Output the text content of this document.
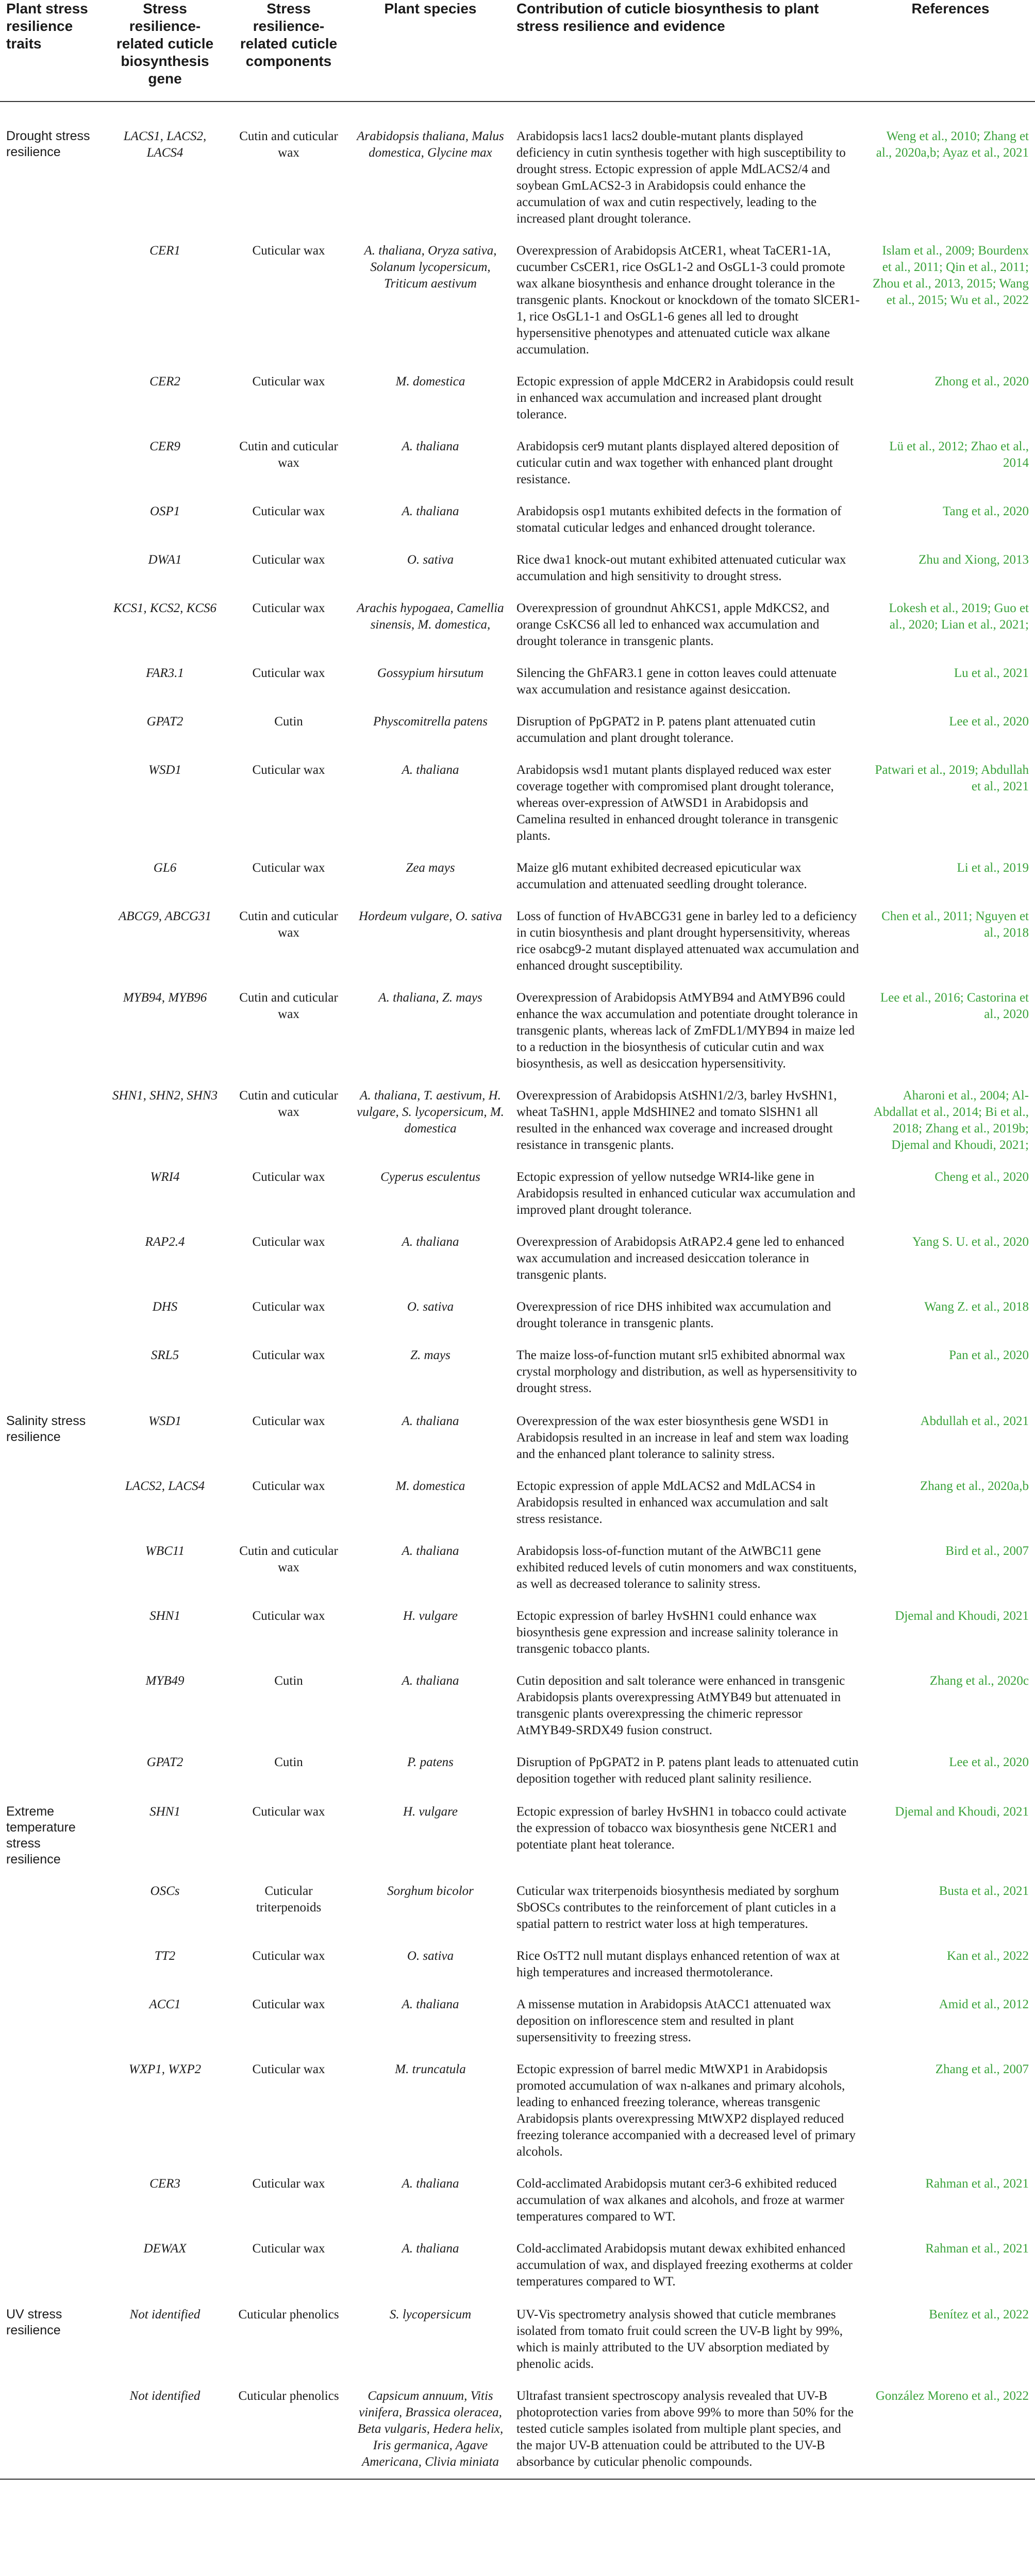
Plant stress resilience traits	Stress resilience-related cuticle biosynthesis gene	Stress resilience-related cuticle components	Plant species	Contribution of cuticle biosynthesis to plant stress resilience and evidence	References

Drought stress resilience	LACS1, LACS2, LACS4	Cutin and cuticular wax	Arabidopsis thaliana, Malus domestica, Glycine max	Arabidopsis lacs1 lacs2 double-mutant plants displayed deficiency in cutin synthesis together with high susceptibility to drought stress. Ectopic expression of apple MdLACS2/4 and soybean GmLACS2-3 in Arabidopsis could enhance the accumulation of wax and cutin respectively, leading to the increased plant drought tolerance.	Weng et al., 2010; Zhang et al., 2020a,b; Ayaz et al., 2021
	CER1	Cuticular wax	A. thaliana, Oryza sativa, Solanum lycopersicum, Triticum aestivum	Overexpression of Arabidopsis AtCER1, wheat TaCER1-1A, cucumber CsCER1, rice OsGL1-2 and OsGL1-3 could promote wax alkane biosynthesis and enhance drought tolerance in the transgenic plants. Knockout or knockdown of the tomato SlCER1-1, rice OsGL1-1 and OsGL1-6 genes all led to drought hypersensitive phenotypes and attenuated cuticle wax alkane accumulation.	Islam et al., 2009; Bourdenx et al., 2011; Qin et al., 2011; Zhou et al., 2013, 2015; Wang et al., 2015; Wu et al., 2022
	CER2	Cuticular wax	M. domestica	Ectopic expression of apple MdCER2 in Arabidopsis could result in enhanced wax accumulation and increased plant drought tolerance.	Zhong et al., 2020
	CER9	Cutin and cuticular wax	A. thaliana	Arabidopsis cer9 mutant plants displayed altered deposition of cuticular cutin and wax together with enhanced plant drought resistance.	Lü et al., 2012; Zhao et al., 2014
	OSP1	Cuticular wax	A. thaliana	Arabidopsis osp1 mutants exhibited defects in the formation of stomatal cuticular ledges and enhanced drought tolerance.	Tang et al., 2020
	DWA1	Cuticular wax	O. sativa	Rice dwa1 knock-out mutant exhibited attenuated cuticular wax accumulation and high sensitivity to drought stress.	Zhu and Xiong, 2013
	KCS1, KCS2, KCS6	Cuticular wax	Arachis hypogaea, Camellia sinensis, M. domestica,	Overexpression of groundnut AhKCS1, apple MdKCS2, and orange CsKCS6 all led to enhanced wax accumulation and drought tolerance in transgenic plants.	Lokesh et al., 2019; Guo et al., 2020; Lian et al., 2021;
	FAR3.1	Cuticular wax	Gossypium hirsutum	Silencing the GhFAR3.1 gene in cotton leaves could attenuate wax accumulation and resistance against desiccation.	Lu et al., 2021
	GPAT2	Cutin	Physcomitrella patens	Disruption of PpGPAT2 in P. patens plant attenuated cutin accumulation and plant drought tolerance.	Lee et al., 2020
	WSD1	Cuticular wax	A. thaliana	Arabidopsis wsd1 mutant plants displayed reduced wax ester coverage together with compromised plant drought tolerance, whereas over-expression of AtWSD1 in Arabidopsis and Camelina resulted in enhanced drought tolerance in transgenic plants.	Patwari et al., 2019; Abdullah et al., 2021
	GL6	Cuticular wax	Zea mays	Maize gl6 mutant exhibited decreased epicuticular wax accumulation and attenuated seedling drought tolerance.	Li et al., 2019
	ABCG9, ABCG31	Cutin and cuticular wax	Hordeum vulgare, O. sativa	Loss of function of HvABCG31 gene in barley led to a deficiency in cutin biosynthesis and plant drought hypersensitivity, whereas rice osabcg9-2 mutant displayed attenuated wax accumulation and enhanced drought susceptibility.	Chen et al., 2011; Nguyen et al., 2018
	MYB94, MYB96	Cutin and cuticular wax	A. thaliana, Z. mays	Overexpression of Arabidopsis AtMYB94 and AtMYB96 could enhance the wax accumulation and potentiate drought tolerance in transgenic plants, whereas lack of ZmFDL1/MYB94 in maize led to a reduction in the biosynthesis of cuticular cutin and wax biosynthesis, as well as desiccation hypersensitivity.	Lee et al., 2016; Castorina et al., 2020
	SHN1, SHN2, SHN3	Cutin and cuticular wax	A. thaliana, T. aestivum, H. vulgare, S. lycopersicum, M. domestica	Overexpression of Arabidopsis AtSHN1/2/3, barley HvSHN1, wheat TaSHN1, apple MdSHINE2 and tomato SlSHN1 all resulted in the enhanced wax coverage and increased drought resistance in transgenic plants.	Aharoni et al., 2004; Al-Abdallat et al., 2014; Bi et al., 2018; Zhang et al., 2019b; Djemal and Khoudi, 2021;
	WRI4	Cuticular wax	Cyperus esculentus	Ectopic expression of yellow nutsedge WRI4-like gene in Arabidopsis resulted in enhanced cuticular wax accumulation and improved plant drought tolerance.	Cheng et al., 2020
	RAP2.4	Cuticular wax	A. thaliana	Overexpression of Arabidopsis AtRAP2.4 gene led to enhanced wax accumulation and increased desiccation tolerance in transgenic plants.	Yang S. U. et al., 2020
	DHS	Cuticular wax	O. sativa	Overexpression of rice DHS inhibited wax accumulation and drought tolerance in transgenic plants.	Wang Z. et al., 2018
	SRL5	Cuticular wax	Z. mays	The maize loss-of-function mutant srl5 exhibited abnormal wax crystal morphology and distribution, as well as hypersensitivity to drought stress.	Pan et al., 2020
Salinity stress resilience	WSD1	Cuticular wax	A. thaliana	Overexpression of the wax ester biosynthesis gene WSD1 in Arabidopsis resulted in an increase in leaf and stem wax loading and the enhanced plant tolerance to salinity stress.	Abdullah et al., 2021
	LACS2, LACS4	Cuticular wax	M. domestica	Ectopic expression of apple MdLACS2 and MdLACS4 in Arabidopsis resulted in enhanced wax accumulation and salt stress resistance.	Zhang et al., 2020a,b
	WBC11	Cutin and cuticular wax	A. thaliana	Arabidopsis loss-of-function mutant of the AtWBC11 gene exhibited reduced levels of cutin monomers and wax constituents, as well as decreased tolerance to salinity stress.	Bird et al., 2007
	SHN1	Cuticular wax	H. vulgare	Ectopic expression of barley HvSHN1 could enhance wax biosynthesis gene expression and increase salinity tolerance in transgenic tobacco plants.	Djemal and Khoudi, 2021
	MYB49	Cutin	A. thaliana	Cutin deposition and salt tolerance were enhanced in transgenic Arabidopsis plants overexpressing AtMYB49 but attenuated in transgenic plants overexpressing the chimeric repressor AtMYB49-SRDX49 fusion construct.	Zhang et al., 2020c
	GPAT2	Cutin	P. patens	Disruption of PpGPAT2 in P. patens plant leads to attenuated cutin deposition together with reduced plant salinity resilience.	Lee et al., 2020
Extreme temperature stress resilience	SHN1	Cuticular wax	H. vulgare	Ectopic expression of barley HvSHN1 in tobacco could activate the expression of tobacco wax biosynthesis gene NtCER1 and potentiate plant heat tolerance.	Djemal and Khoudi, 2021
	OSCs	Cuticular triterpenoids	Sorghum bicolor	Cuticular wax triterpenoids biosynthesis mediated by sorghum SbOSCs contributes to the reinforcement of plant cuticles in a spatial pattern to restrict water loss at high temperatures.	Busta et al., 2021
	TT2	Cuticular wax	O. sativa	Rice OsTT2 null mutant displays enhanced retention of wax at high temperatures and increased thermotolerance.	Kan et al., 2022
	ACC1	Cuticular wax	A. thaliana	A missense mutation in Arabidopsis AtACC1 attenuated wax deposition on inflorescence stem and resulted in plant supersensitivity to freezing stress.	Amid et al., 2012
	WXP1, WXP2	Cuticular wax	M. truncatula	Ectopic expression of barrel medic MtWXP1 in Arabidopsis promoted accumulation of wax n-alkanes and primary alcohols, leading to enhanced freezing tolerance, whereas transgenic Arabidopsis plants overexpressing MtWXP2 displayed reduced freezing tolerance accompanied with a decreased level of primary alcohols.	Zhang et al., 2007
	CER3	Cuticular wax	A. thaliana	Cold-acclimated Arabidopsis mutant cer3-6 exhibited reduced accumulation of wax alkanes and alcohols, and froze at warmer temperatures compared to WT.	Rahman et al., 2021
	DEWAX	Cuticular wax	A. thaliana	Cold-acclimated Arabidopsis mutant dewax exhibited enhanced accumulation of wax, and displayed freezing exotherms at colder temperatures compared to WT.	Rahman et al., 2021
UV stress resilience	Not identified	Cuticular phenolics	S. lycopersicum	UV-Vis spectrometry analysis showed that cuticle membranes isolated from tomato fruit could screen the UV-B light by 99%, which is mainly attributed to the UV absorption mediated by phenolic acids.	Benítez et al., 2022
	Not identified	Cuticular phenolics	Capsicum annuum, Vitis vinifera, Brassica oleracea, Beta vulgaris, Hedera helix, Iris germanica, Agave Americana, Clivia miniata	Ultrafast transient spectroscopy analysis revealed that UV-B photoprotection varies from above 99% to more than 50% for the tested cuticle samples isolated from multiple plant species, and the major UV-B attenuation could be attributed to the UV-B absorbance by cuticular phenolic compounds.	González Moreno et al., 2022
